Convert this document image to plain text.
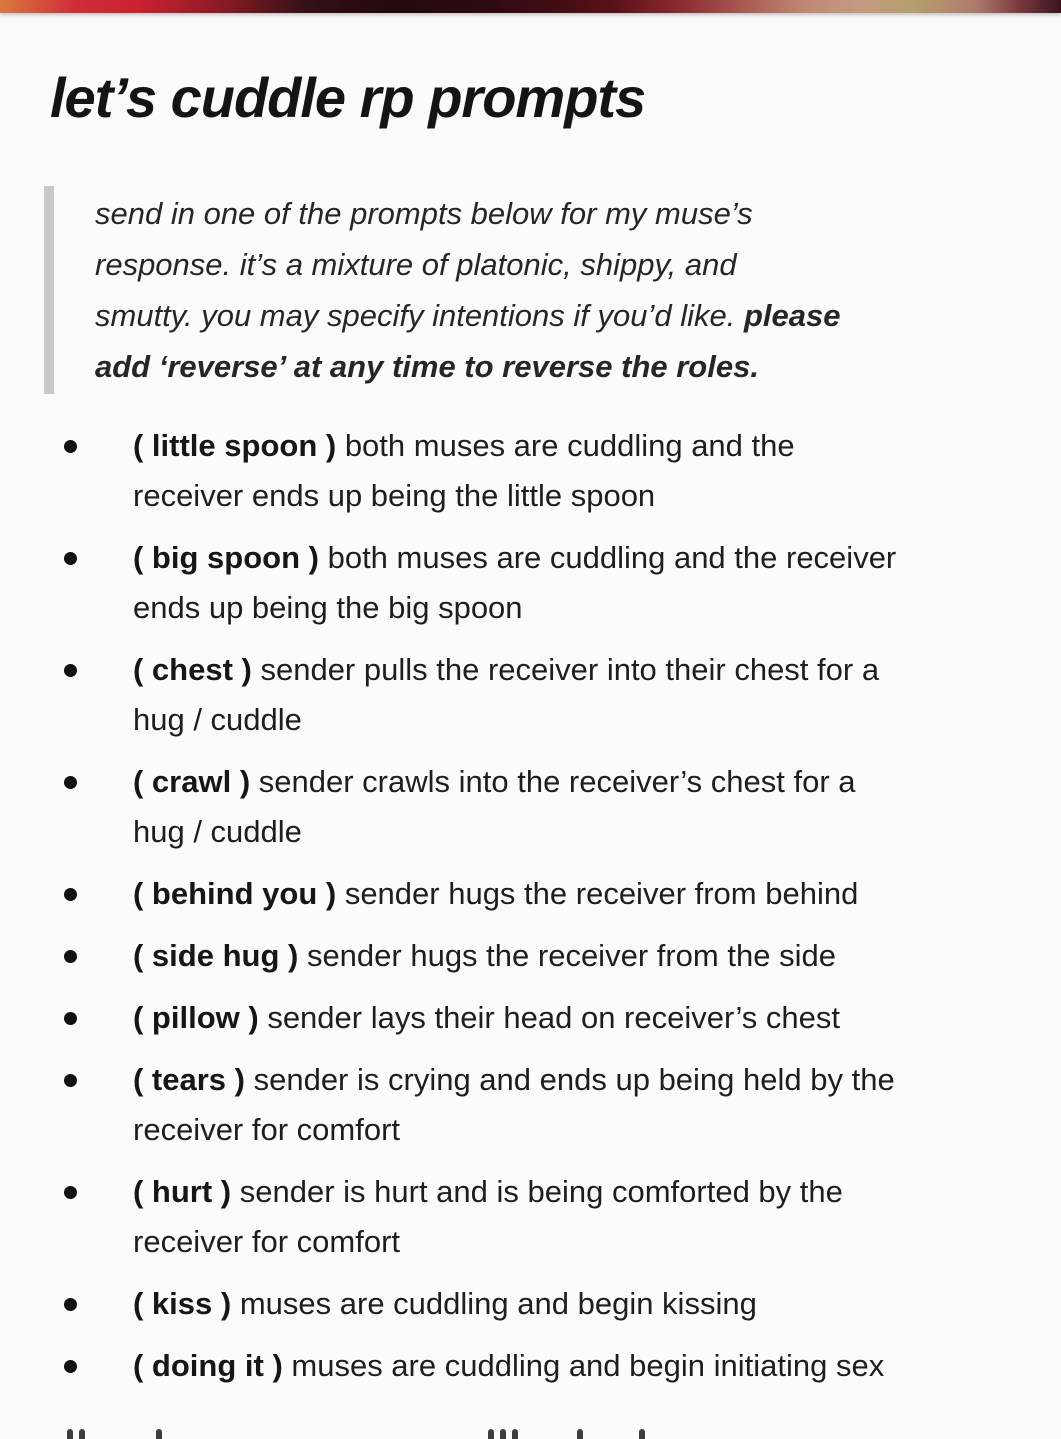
let’s cuddle rp prompts
send in one of the prompts below for my muse’s
response. it’s a mixture of platonic, shippy, and
smutty. you may specify intentions if you’d like. please
add ‘reverse’ at any time to reverse the roles.
( little spoon ) both muses are cuddling and the
receiver ends up being the little spoon
( big spoon ) both muses are cuddling and the receiver
ends up being the big spoon
( chest ) sender pulls the receiver into their chest for a
hug / cuddle
( crawl ) sender crawls into the receiver’s chest for a
hug / cuddle
( behind you ) sender hugs the receiver from behind
( side hug ) sender hugs the receiver from the side
( pillow ) sender lays their head on receiver’s chest
( tears ) sender is crying and ends up being held by the
receiver for comfort
( hurt ) sender is hurt and is being comforted by the
receiver for comfort
( kiss ) muses are cuddling and begin kissing
( doing it ) muses are cuddling and begin initiating sex
